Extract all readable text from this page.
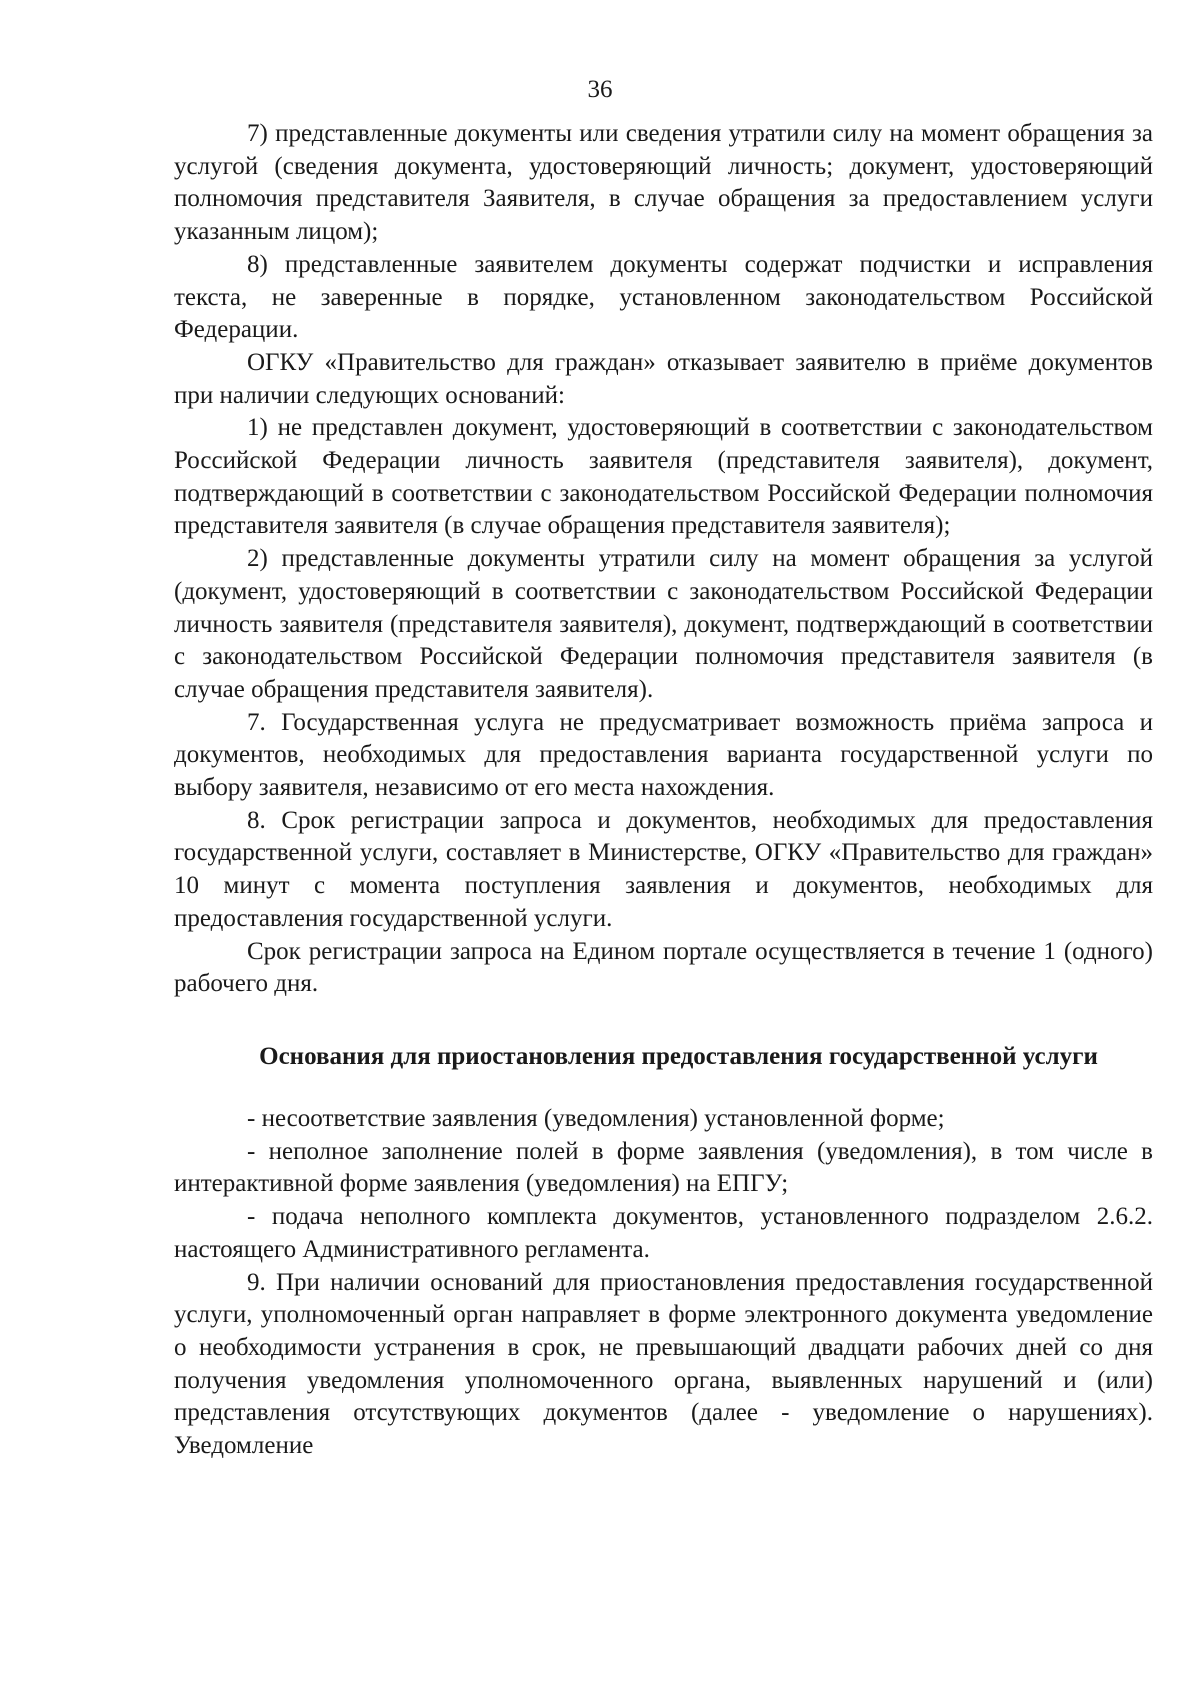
36

7) представленные документы или сведения утратили силу на момент обращения за услугой (сведения документа, удостоверяющий личность; документ, удостоверяющий полномочия представителя Заявителя, в случае обращения за предоставлением услуги указанным лицом);

8) представленные заявителем документы содержат подчистки и исправления текста, не заверенные в порядке, установленном законодательством Российской Федерации.

ОГКУ «Правительство для граждан» отказывает заявителю в приёме документов при наличии следующих оснований:

1) не представлен документ, удостоверяющий в соответствии с законодательством Российской Федерации личность заявителя (представителя заявителя), документ, подтверждающий в соответствии с законодательством Российской Федерации полномочия представителя заявителя (в случае обращения представителя заявителя);

2) представленные документы утратили силу на момент обращения за услугой (документ, удостоверяющий в соответствии с законодательством Российской Федерации личность заявителя (представителя заявителя), документ, подтверждающий в соответствии с законодательством Российской Федерации полномочия представителя заявителя (в случае обращения представителя заявителя).

7. Государственная услуга не предусматривает возможность приёма запроса и документов, необходимых для предоставления варианта государственной услуги по выбору заявителя, независимо от его места нахождения.

8. Срок регистрации запроса и документов, необходимых для предоставления государственной услуги, составляет в Министерстве, ОГКУ «Правительство для граждан» 10 минут с момента поступления заявления и документов, необходимых для предоставления государственной услуги.

Срок регистрации запроса на Едином портале осуществляется в течение 1 (одного) рабочего дня.

Основания для приостановления предоставления государственной услуги

- несоответствие заявления (уведомления) установленной форме;

- неполное заполнение полей в форме заявления (уведомления), в том числе в интерактивной форме заявления (уведомления) на ЕПГУ;

- подача неполного комплекта документов, установленного подразделом 2.6.2. настоящего Административного регламента.

9. При наличии оснований для приостановления предоставления государственной услуги, уполномоченный орган направляет в форме электронного документа уведомление о необходимости устранения в срок, не превышающий двадцати рабочих дней со дня получения уведомления уполномоченного органа, выявленных нарушений и (или) представления отсутствующих документов (далее - уведомление о нарушениях). Уведомление
